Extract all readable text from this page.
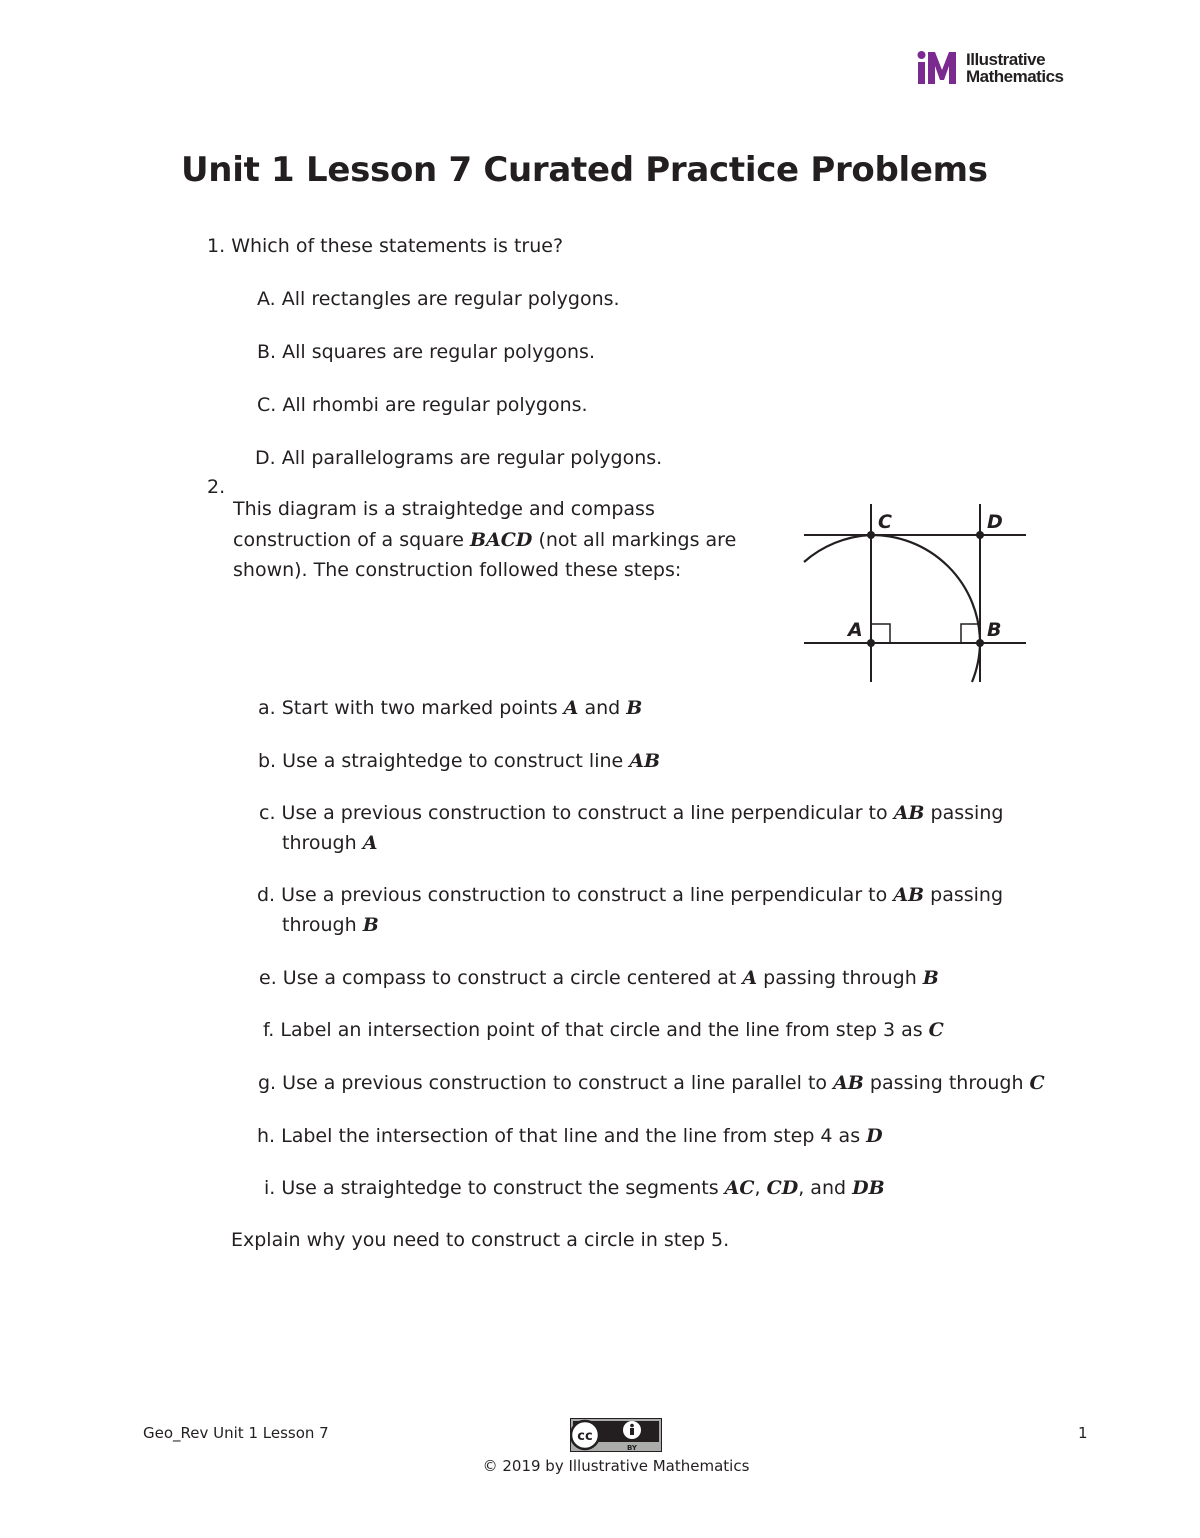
Illustrative
Mathematics
Unit 1 Lesson 7 Curated Practice Problems
1. Which of these statements is true?
A. All rectangles are regular polygons.
B. All squares are regular polygons.
C. All rhombi are regular polygons.
D. All parallelograms are regular polygons.
2.
This diagram is a straightedge and compass
construction of a square BACD (not all markings are
shown). The construction followed these steps:
C	D
A	B
a. Start with two marked points A and B
b. Use a straightedge to construct line AB
c. Use a previous construction to construct a line perpendicular to AB passing
through A
d. Use a previous construction to construct a line perpendicular to AB passing
through B
e. Use a compass to construct a circle centered at A passing through B
f. Label an intersection point of that circle and the line from step 3 as C
g. Use a previous construction to construct a line parallel to AB passing through C
h. Label the intersection of that line and the line from step 4 as D
i. Use a straightedge to construct the segments AC, CD, and DB
Explain why you need to construct a circle in step 5.
Geo_Rev Unit 1 Lesson 7	cc
BY
1
© 2019 by Illustrative Mathematics
